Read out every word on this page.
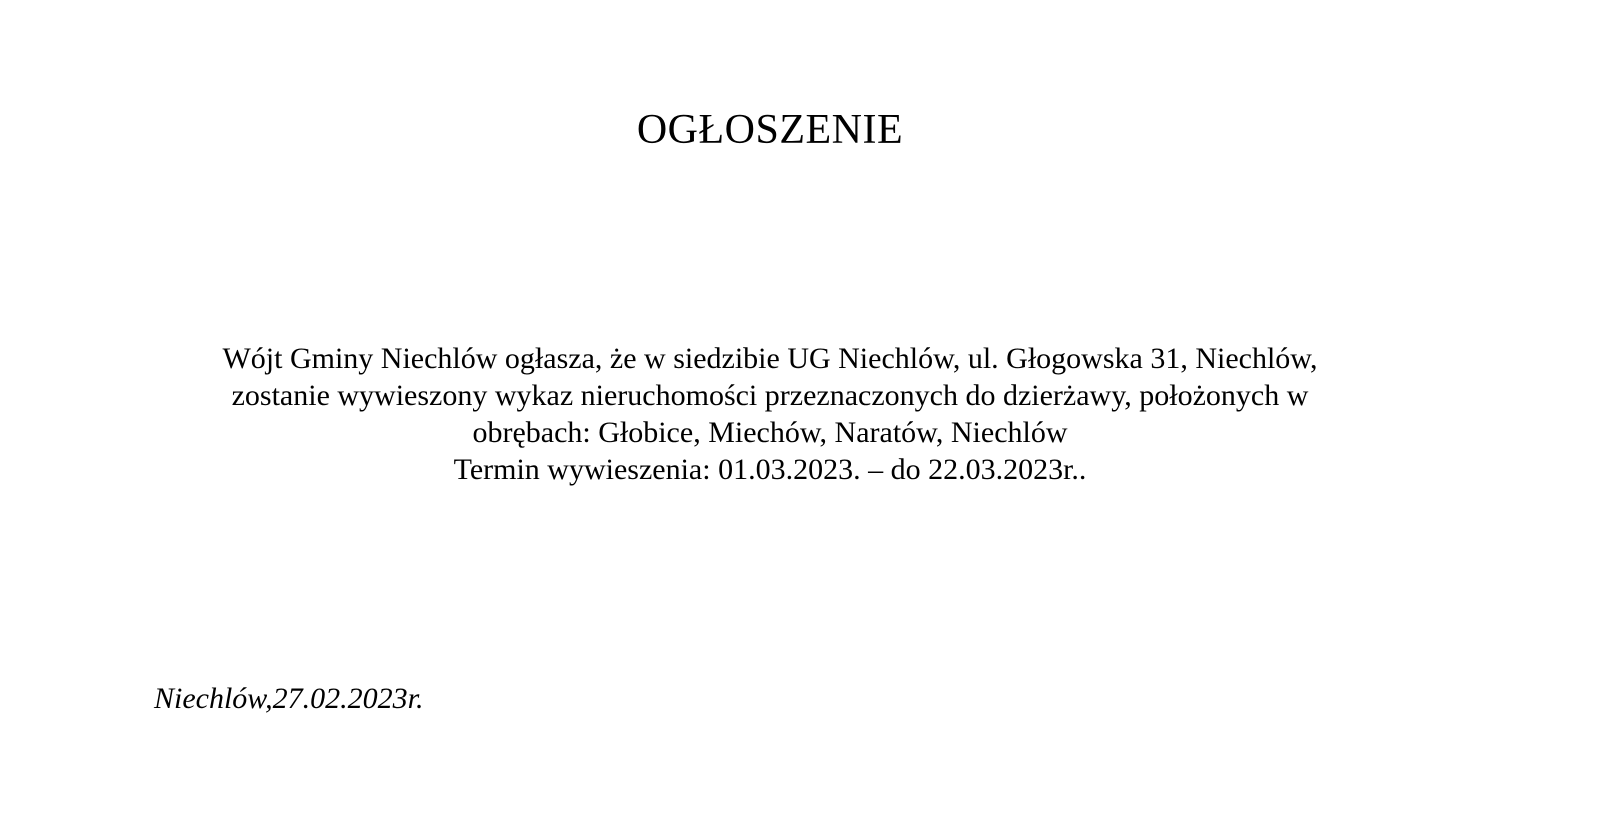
OGŁOSZENIE
Wójt Gminy Niechlów ogłasza, że w siedzibie UG Niechlów, ul. Głogowska 31, Niechlów,
zostanie wywieszony wykaz nieruchomości przeznaczonych do dzierżawy, położonych w
obrębach: Głobice, Miechów, Naratów, Niechlów
Termin wywieszenia: 01.03.2023. – do 22.03.2023r..
Niechlów,27.02.2023r.
